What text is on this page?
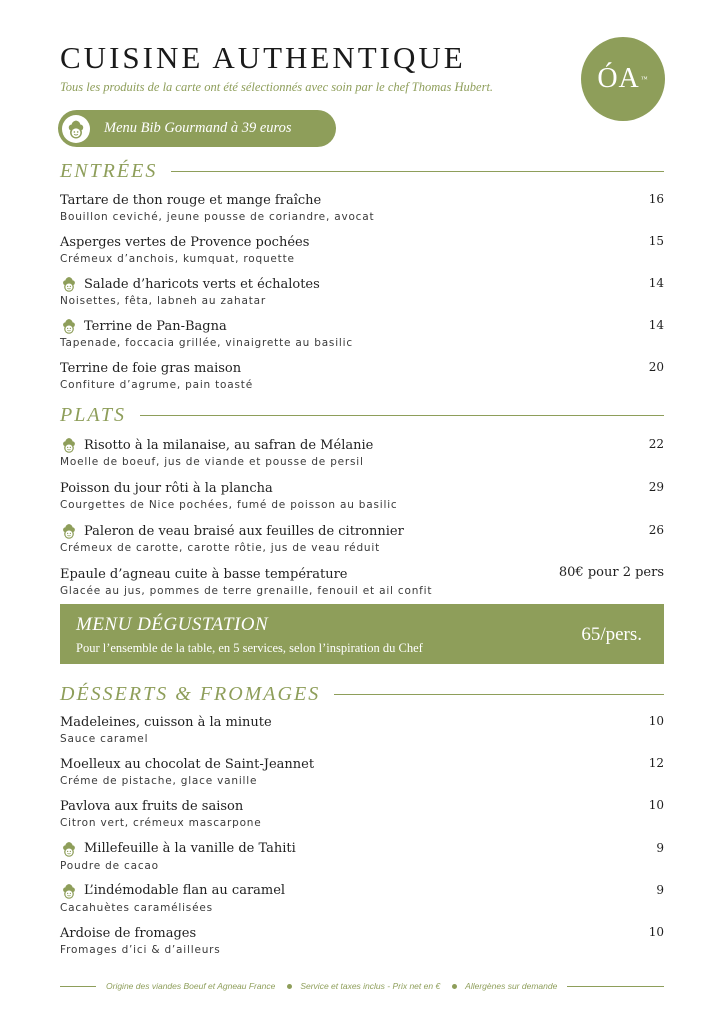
CUISINE AUTHENTIQUE
Tous les produits de la carte ont été sélectionnés avec soin par le chef Thomas Hubert.	ÓA ™
Menu Bib Gourmand à 39 euros
ENTRÉES
Tartare de thon rouge et mange fraîche	16
Bouillon ceviché, jeune pousse de coriandre, avocat
Asperges vertes de Provence pochées	15
Crémeux d’anchois, kumquat, roquette
Salade d’haricots verts et échalotes	14
Noisettes, fêta, labneh au zahatar
Terrine de Pan-Bagna	14
Tapenade, foccacia grillée, vinaigrette au basilic
Terrine de foie gras maison	20
Confiture d’agrume, pain toasté
PLATS
Risotto à la milanaise, au safran de Mélanie	22
Moelle de boeuf, jus de viande et pousse de persil
Poisson du jour rôti à la plancha	29
Courgettes de Nice pochées, fumé de poisson au basilic
Paleron de veau braisé aux feuilles de citronnier	26
Crémeux de carotte, carotte rôtie, jus de veau réduit
Epaule d’agneau cuite à basse température	80€ pour 2 pers
Glacée au jus, pommes de terre grenaille, fenouil et ail confit
MENU DÉGUSTATION
Pour l’ensemble de la table, en 5 services, selon l’inspiration du Chef
65/pers.
DÉSSERTS & FROMAGES
Madeleines, cuisson à la minute	10
Sauce caramel
Moelleux au chocolat de Saint-Jeannet	12
Créme de pistache, glace vanille
Pavlova aux fruits de saison	10
Citron vert, crémeux mascarpone
Millefeuille à la vanille de Tahiti	9
Poudre de cacao
L’indémodable flan au caramel	9
Cacahuètes caramélisées
Ardoise de fromages	10
Fromages d’ici & d’ailleurs
Origine des viandes Boeuf et Agneau France	Service et taxes inclus - Prix net en €	Allergènes sur demande
